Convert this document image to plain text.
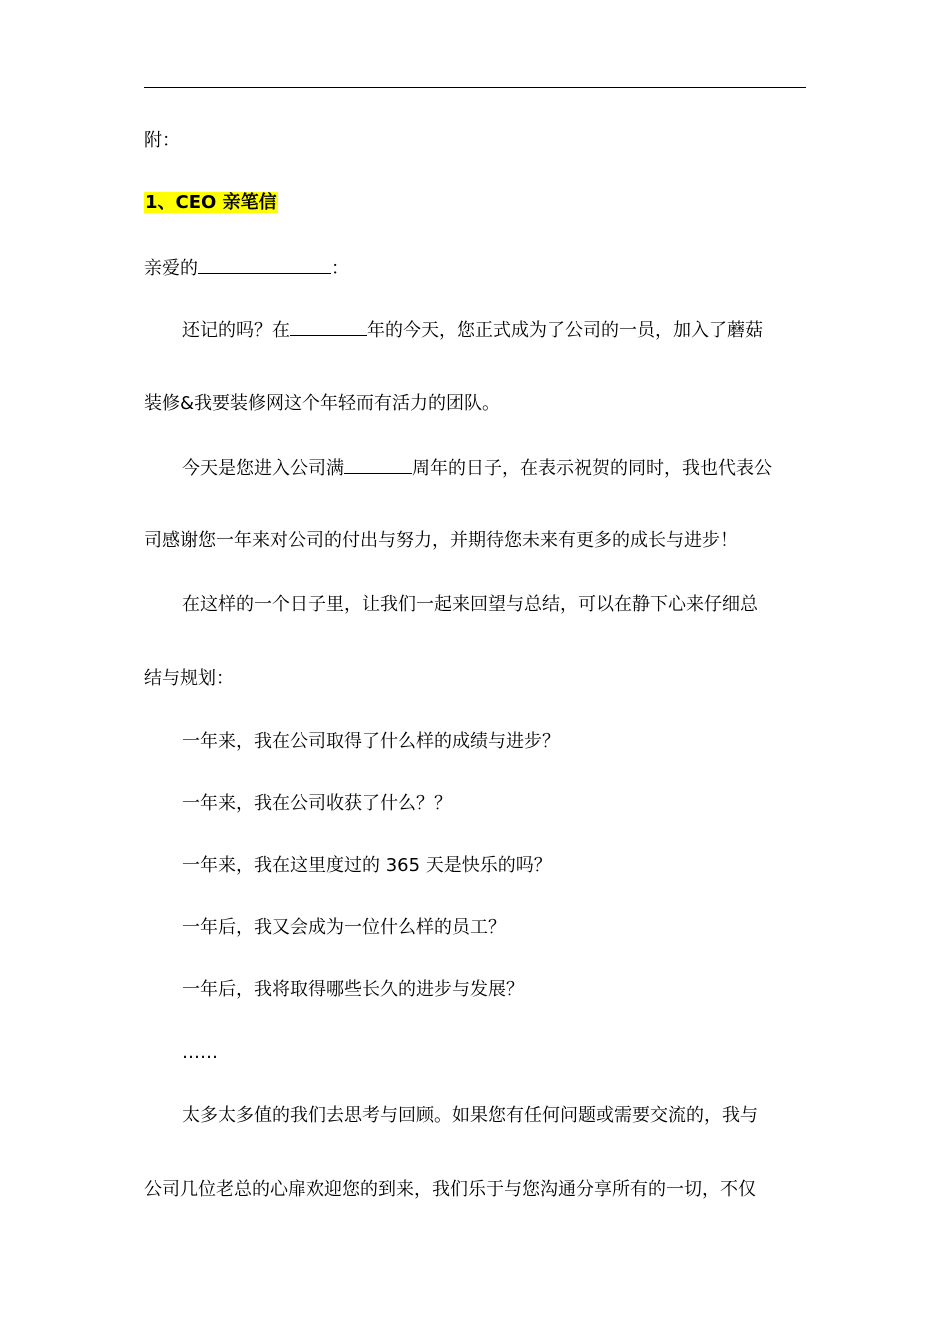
附：
1、CEO 亲笔信
亲爱的	：
还记的吗？在	年的今天，您正式成为了公司的一员，加入了蘑菇
装修&我要装修网这个年轻而有活力的团队。
今天是您进入公司满	周年的日子，在表示祝贺的同时，我也代表公
司感谢您一年来对公司的付出与努力，并期待您未来有更多的成长与进步！
在这样的一个日子里，让我们一起来回望与总结，可以在静下心来仔细总
结与规划：
一年来，我在公司取得了什么样的成绩与进步？
一年来，我在公司收获了什么？？
一年来，我在这里度过的 365 天是快乐的吗？
一年后，我又会成为一位什么样的员工？
一年后，我将取得哪些长久的进步与发展？
……
太多太多值的我们去思考与回顾。如果您有任何问题或需要交流的，我与
公司几位老总的心扉欢迎您的到来，我们乐于与您沟通分享所有的一切，不仅
